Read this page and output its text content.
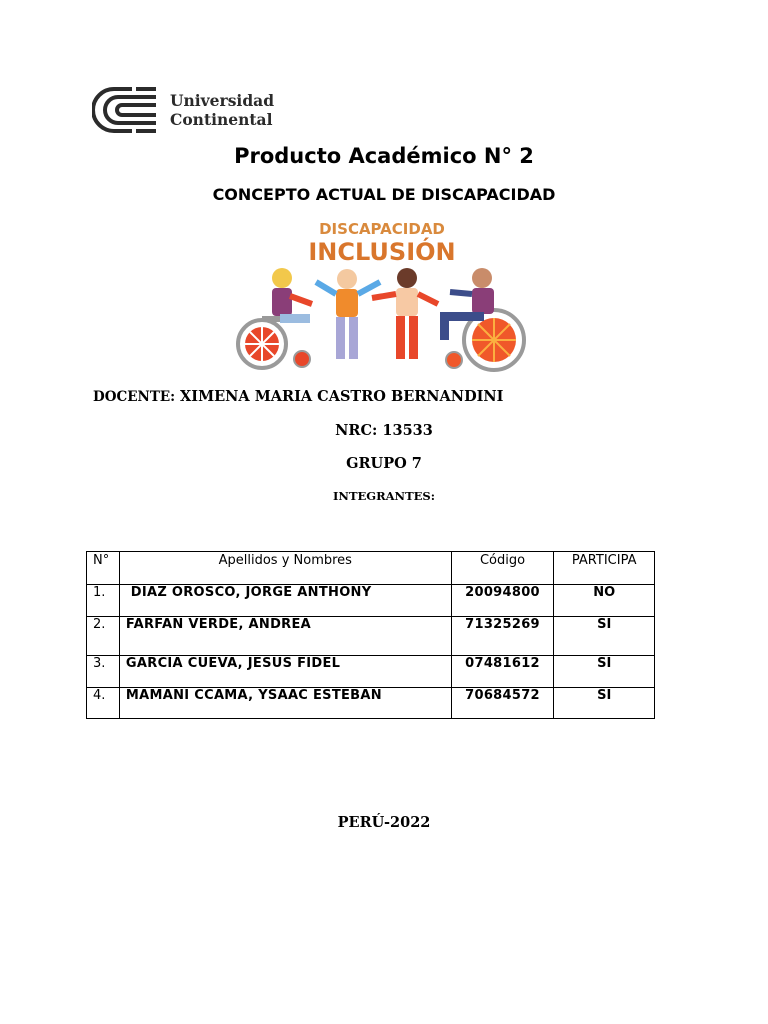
Universidad
Continental
Producto Académico N° 2
CONCEPTO ACTUAL DE DISCAPACIDAD
DISCAPACIDAD
INCLUSIÓN
DOCENTE: XIMENA MARIA CASTRO BERNANDINI
NRC: 13533
GRUPO 7
INTEGRANTES:
N°	Apellidos y Nombres	Código	PARTICIPA
1.	DIAZ OROSCO, JORGE ANTHONY	20094800	NO
2.	FARFAN VERDE, ANDREA	71325269	SI
3.	GARCIA CUEVA, JESUS FIDEL	07481612	SI
4.	MAMANI CCAMA, YSAAC ESTEBAN	70684572	SI
PERÚ-2022
